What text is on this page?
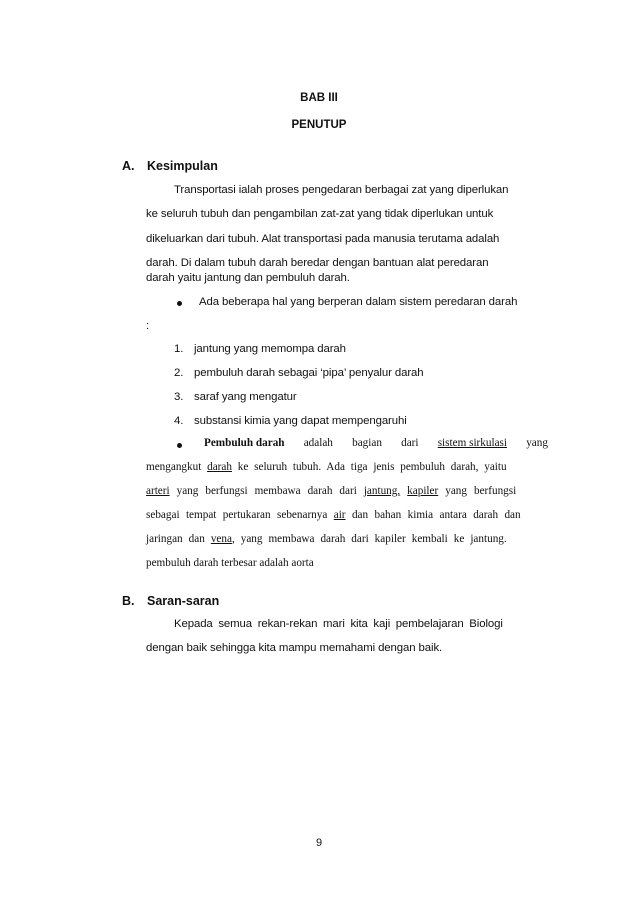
BAB III
PENUTUP
A. Kesimpulan
Transportasi ialah proses pengedaran berbagai zat yang diperlukan
ke seluruh tubuh dan pengambilan zat-zat yang tidak diperlukan untuk
dikeluarkan dari tubuh. Alat transportasi pada manusia terutama adalah
darah. Di dalam tubuh darah beredar dengan bantuan alat peredaran
darah yaitu jantung dan pembuluh darah.
Ada beberapa hal yang berperan dalam sistem peredaran darah
:
1. jantung yang memompa darah
2. pembuluh darah sebagai ‘pipa’ penyalur darah
3. saraf yang mengatur
4. substansi kimia yang dapat mempengaruhi
Pembuluh darah adalah bagian dari sistem sirkulasi yang
mengangkut darah ke seluruh tubuh. Ada tiga jenis pembuluh darah, yaitu
arteri yang berfungsi membawa darah dari jantung, kapiler yang berfungsi
sebagai tempat pertukaran sebenarnya air dan bahan kimia antara darah dan
jaringan dan vena, yang membawa darah dari kapiler kembali ke jantung.
pembuluh darah terbesar adalah aorta
B. Saran-saran
Kepada semua rekan-rekan mari kita kaji pembelajaran Biologi
dengan baik sehingga kita mampu memahami dengan baik.
9
